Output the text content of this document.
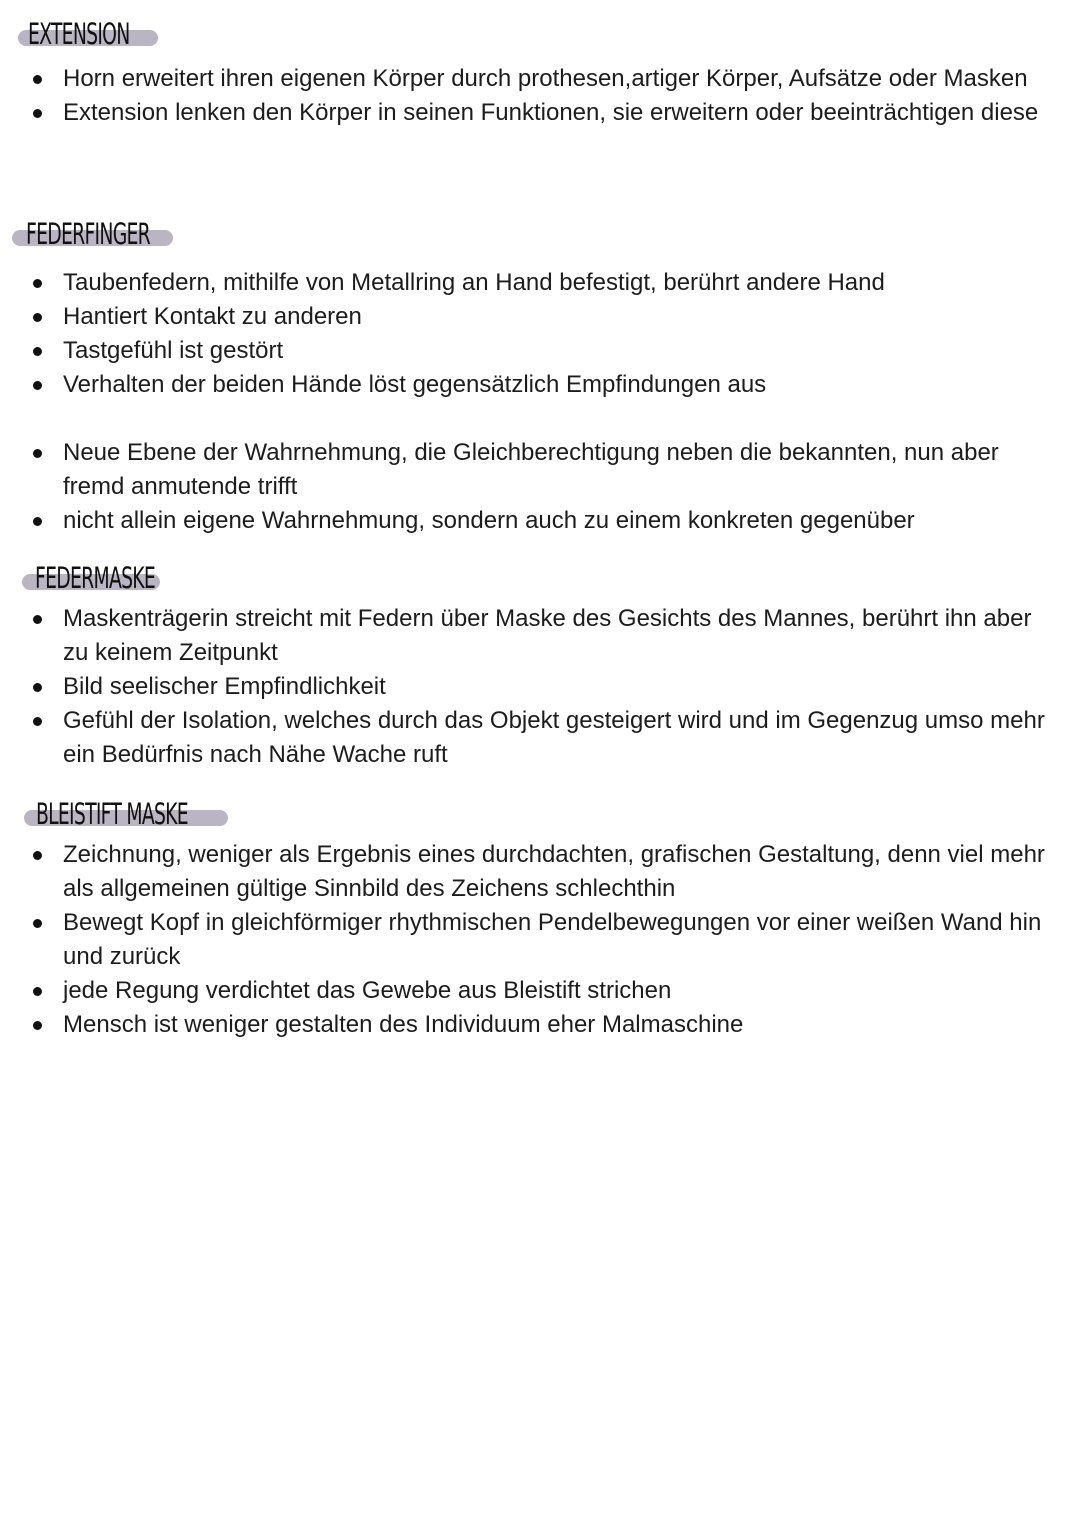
EXTENSION
Horn erweitert ihren eigenen Körper durch prothesen,artiger Körper, Aufsätze oder Masken
Extension lenken den Körper in seinen Funktionen, sie erweitern oder beeinträchtigen diese
FEDERFINGER
Taubenfedern, mithilfe von Metallring an Hand befestigt, berührt andere Hand
Hantiert Kontakt zu anderen
Tastgefühl ist gestört
Verhalten der beiden Hände löst gegensätzlich Empfindungen aus
Neue Ebene der Wahrnehmung, die Gleichberechtigung neben die bekannten, nun aber fremd anmutende trifft
nicht allein eigene Wahrnehmung, sondern auch zu einem konkreten gegenüber
FEDERMASKE
Maskenträgerin streicht mit Federn über Maske des Gesichts des Mannes, berührt ihn aber zu keinem Zeitpunkt
Bild seelischer Empfindlichkeit
Gefühl der Isolation, welches durch das Objekt gesteigert wird und im Gegenzug umso mehr ein Bedürfnis nach Nähe Wache ruft
BLEISTIFT MASKE
Zeichnung, weniger als Ergebnis eines durchdachten, grafischen Gestaltung, denn viel mehr als allgemeinen gültige Sinnbild des Zeichens schlechthin
Bewegt Kopf in gleichförmiger rhythmischen Pendelbewegungen vor einer weißen Wand hin und zurück
jede Regung verdichtet das Gewebe aus Bleistift strichen
Mensch ist weniger gestalten des Individuum eher Malmaschine
